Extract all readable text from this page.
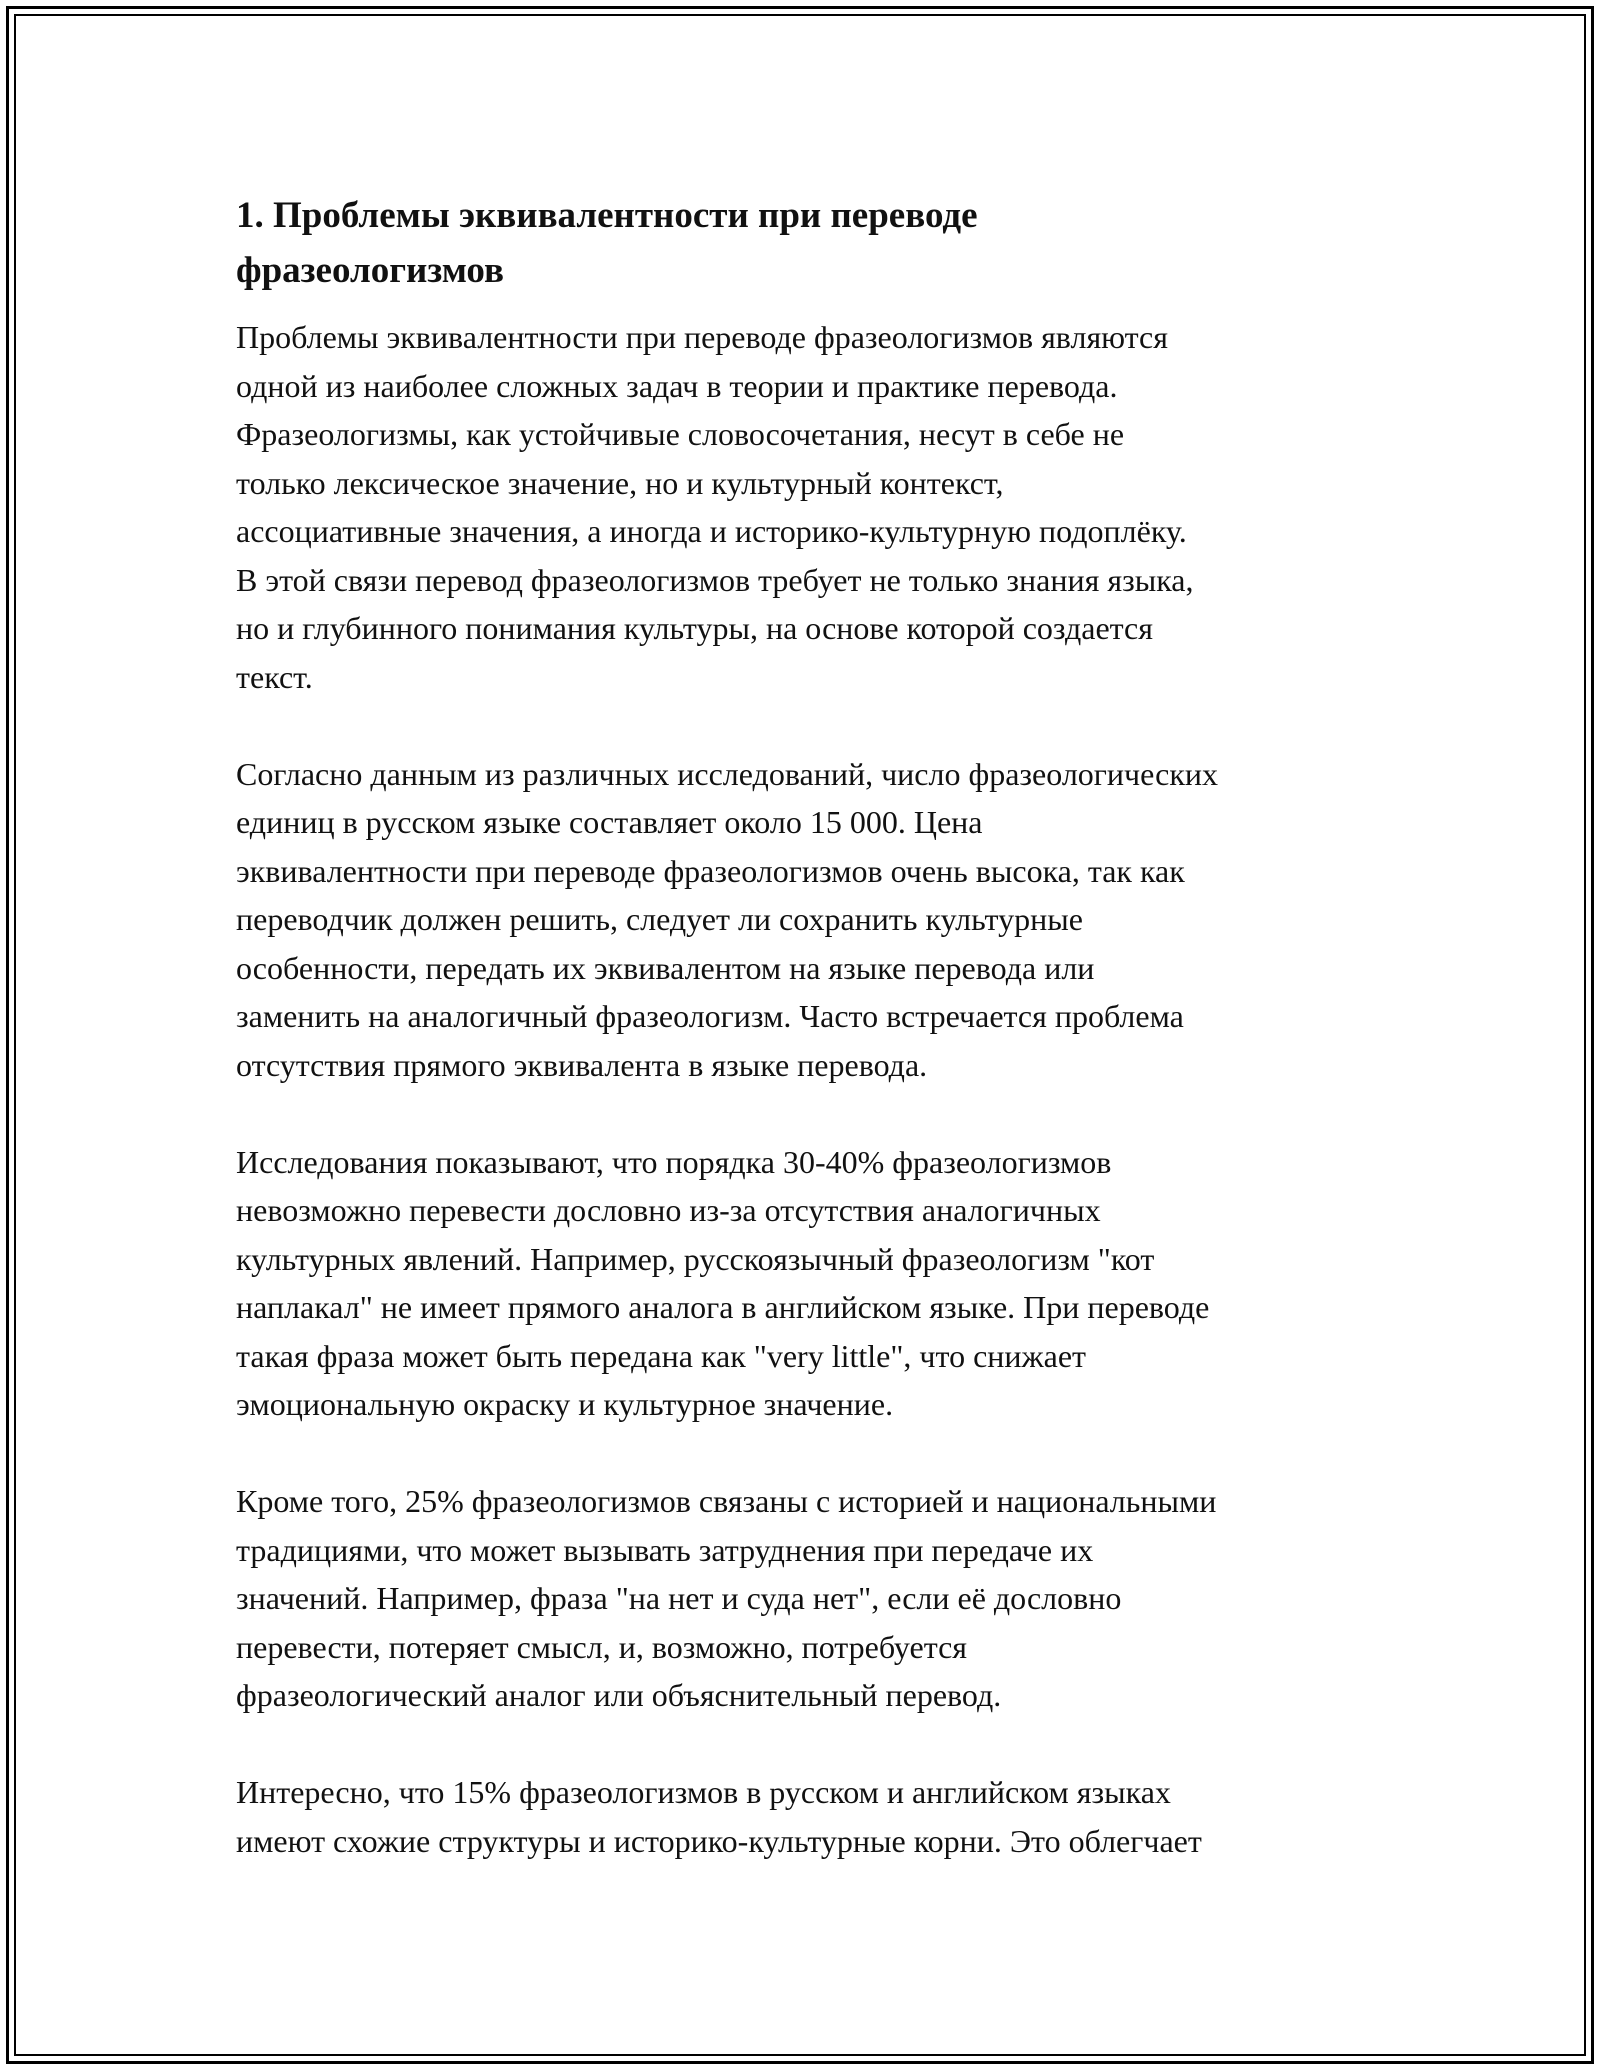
1. Проблемы эквивалентности при переводе
фразеологизмов

Проблемы эквивалентности при переводе фразеологизмов являются
одной из наиболее сложных задач в теории и практике перевода.
Фразеологизмы, как устойчивые словосочетания, несут в себе не
только лексическое значение, но и культурный контекст,
ассоциативные значения, а иногда и историко-культурную подоплёку.
В этой связи перевод фразеологизмов требует не только знания языка,
но и глубинного понимания культуры, на основе которой создается
текст.

Согласно данным из различных исследований, число фразеологических
единиц в русском языке составляет около 15 000. Цена
эквивалентности при переводе фразеологизмов очень высока, так как
переводчик должен решить, следует ли сохранить культурные
особенности, передать их эквивалентом на языке перевода или
заменить на аналогичный фразеологизм. Часто встречается проблема
отсутствия прямого эквивалента в языке перевода.

Исследования показывают, что порядка 30-40% фразеологизмов
невозможно перевести дословно из-за отсутствия аналогичных
культурных явлений. Например, русскоязычный фразеологизм "кот
наплакал" не имеет прямого аналога в английском языке. При переводе
такая фраза может быть передана как "very little", что снижает
эмоциональную окраску и культурное значение.

Кроме того, 25% фразеологизмов связаны с историей и национальными
традициями, что может вызывать затруднения при передаче их
значений. Например, фраза "на нет и суда нет", если её дословно
перевести, потеряет смысл, и, возможно, потребуется
фразеологический аналог или объяснительный перевод.

Интересно, что 15% фразеологизмов в русском и английском языках
имеют схожие структуры и историко-культурные корни. Это облегчает
